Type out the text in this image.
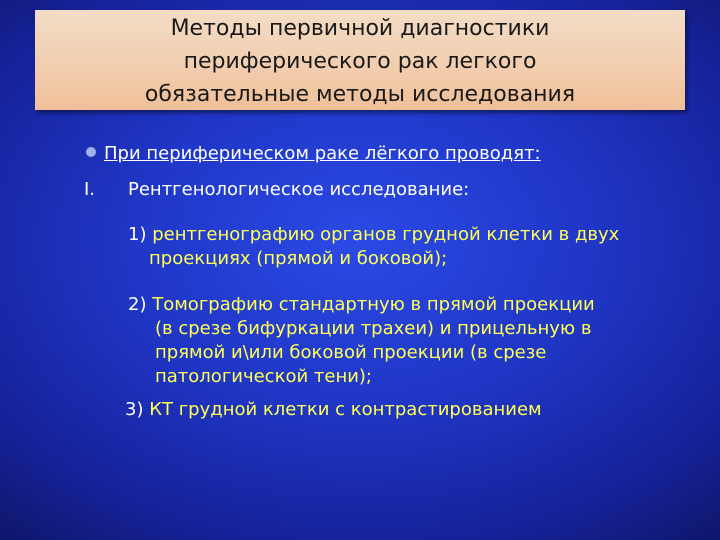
Методы первичной диагностики
периферического рак легкого
обязательные методы исследования
При периферическом раке лёгкого проводят:
I. Рентгенологическое исследование:
1) рентгенографию органов грудной клетки в двух
проекциях (прямой и боковой);
2) Томографию стандартную в прямой проекции
(в срезе бифуркации трахеи) и прицельную в
прямой и\или боковой проекции (в срезе
патологической тени);
3) КТ грудной клетки с контрастированием
